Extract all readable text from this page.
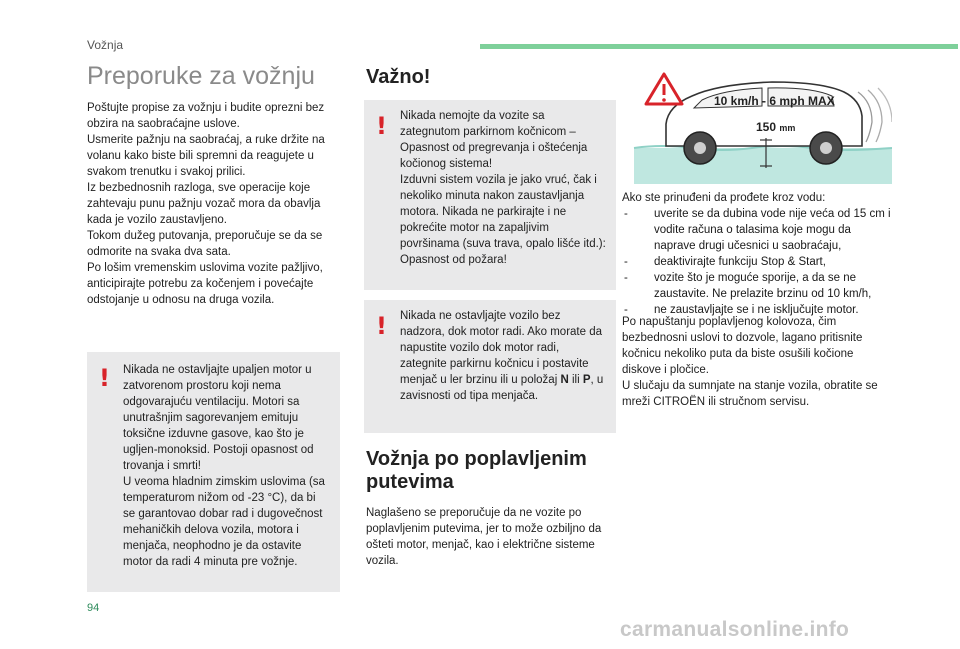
Vožnja
Preporuke za vožnju

Poštujte propise za vožnju i budite oprezni bez obzira na saobraćajne uslove.
Usmerite pažnju na saobraćaj, a ruke držite na volanu kako biste bili spremni da reagujete u svakom trenutku i svakoj prilici.
Iz bezbednosnih razloga, sve operacije koje zahtevaju punu pažnju vozač mora da obavlja kada je vozilo zaustavljeno.
Tokom dužeg putovanja, preporučuje se da se odmorite na svaka dva sata.
Po lošim vremenskim uslovima vozite pažljivo, anticipirajte potrebu za kočenjem i povećajte odstojanje u odnosu na druga vozila.

! Nikada ne ostavljajte upaljen motor u zatvorenom prostoru koji nema odgovarajuću ventilaciju. Motori sa unutrašnjim sagorevanjem emituju toksične izduvne gasove, kao što je ugljen-monoksid. Postoji opasnost od trovanja i smrti!
U veoma hladnim zimskim uslovima (sa temperaturom nižom od -23 °C), da bi se garantovao dobar rad i dugovečnost mehaničkih delova vozila, motora i menjača, neophodno je da ostavite motor da radi 4 minuta pre vožnje.

Važno!
! Nikada nemojte da vozite sa zategnutom parkirnom kočnicom – Opasnost od pregrevanja i oštećenja kočionog sistema!
Izduvni sistem vozila je jako vruć, čak i nekoliko minuta nakon zaustavljanja motora. Nikada ne parkirajte i ne pokrećite motor na zapaljivim površinama (suva trava, opalo lišće itd.): Opasnost od požara!

! Nikada ne ostavljajte vozilo bez nadzora, dok motor radi. Ako morate da napustite vozilo dok motor radi, zategnite parkirnu kočnicu i postavite menjač u ler brzinu ili u položaj N ili P, u zavisnosti od tipa menjača.

Vožnja po poplavljenim putevima

Naglašeno se preporučuje da ne vozite po poplavljenim putevima, jer to može ozbiljno da ošteti motor, menjač, kao i električne sisteme vozila.

10 km/h - 6 mph MAX
150 mm

Ako ste prinuđeni da prođete kroz vodu:

- uverite se da dubina vode nije veća od 15 cm i vodite računa o talasima koje mogu da naprave drugi učesnici u saobraćaju,
- deaktivirajte funkciju Stop & Start,
- vozite što je moguće sporije, a da se ne zaustavite. Ne prelazite brzinu od 10 km/h,
- ne zaustavljajte se i ne isključujte motor.

Po napuštanju poplavljenog kolovoza, čim bezbednosni uslovi to dozvole, lagano pritisnite kočnicu nekoliko puta da biste osušili kočione diskove i pločice.
U slučaju da sumnjate na stanje vozila, obratite se mreži CITROËN ili stručnom servisu.

94
carmanualsonline.info
